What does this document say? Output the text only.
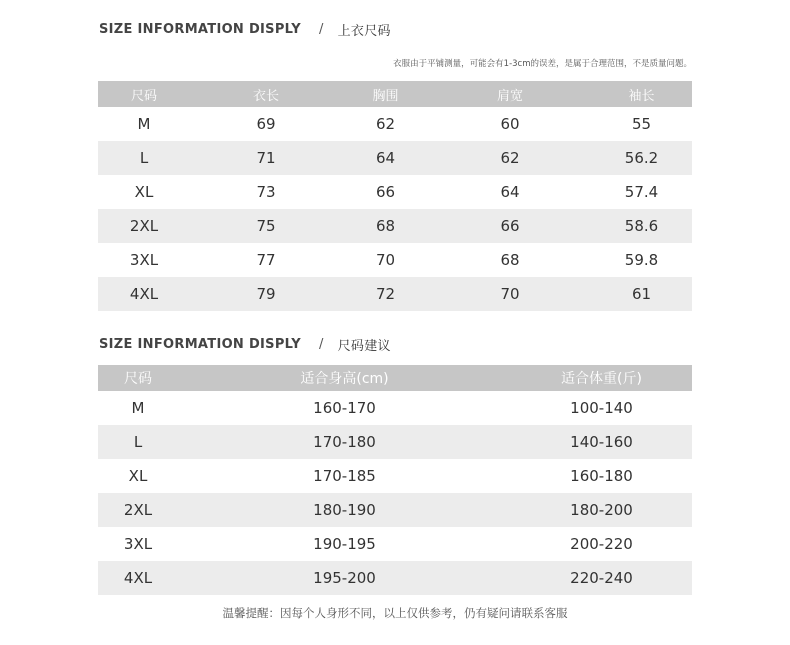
SIZE INFORMATION DISPLY / 上衣尺码
衣服由于平铺测量，可能会有1-3cm的误差，是属于合理范围，不是质量问题。
尺码	衣长	胸围	肩宽	袖长
M	69	62	60	55
L	71	64	62	56.2
XL	73	66	64	57.4
2XL	75	68	66	58.6
3XL	77	70	68	59.8
4XL	79	72	70	61
SIZE INFORMATION DISPLY / 尺码建议
尺码	适合身高(cm)	适合体重(斤)
M	160-170	100-140
L	170-180	140-160
XL	170-185	160-180
2XL	180-190	180-200
3XL	190-195	200-220
4XL	195-200	220-240
温馨提醒：因每个人身形不同，以上仅供参考，仍有疑问请联系客服
